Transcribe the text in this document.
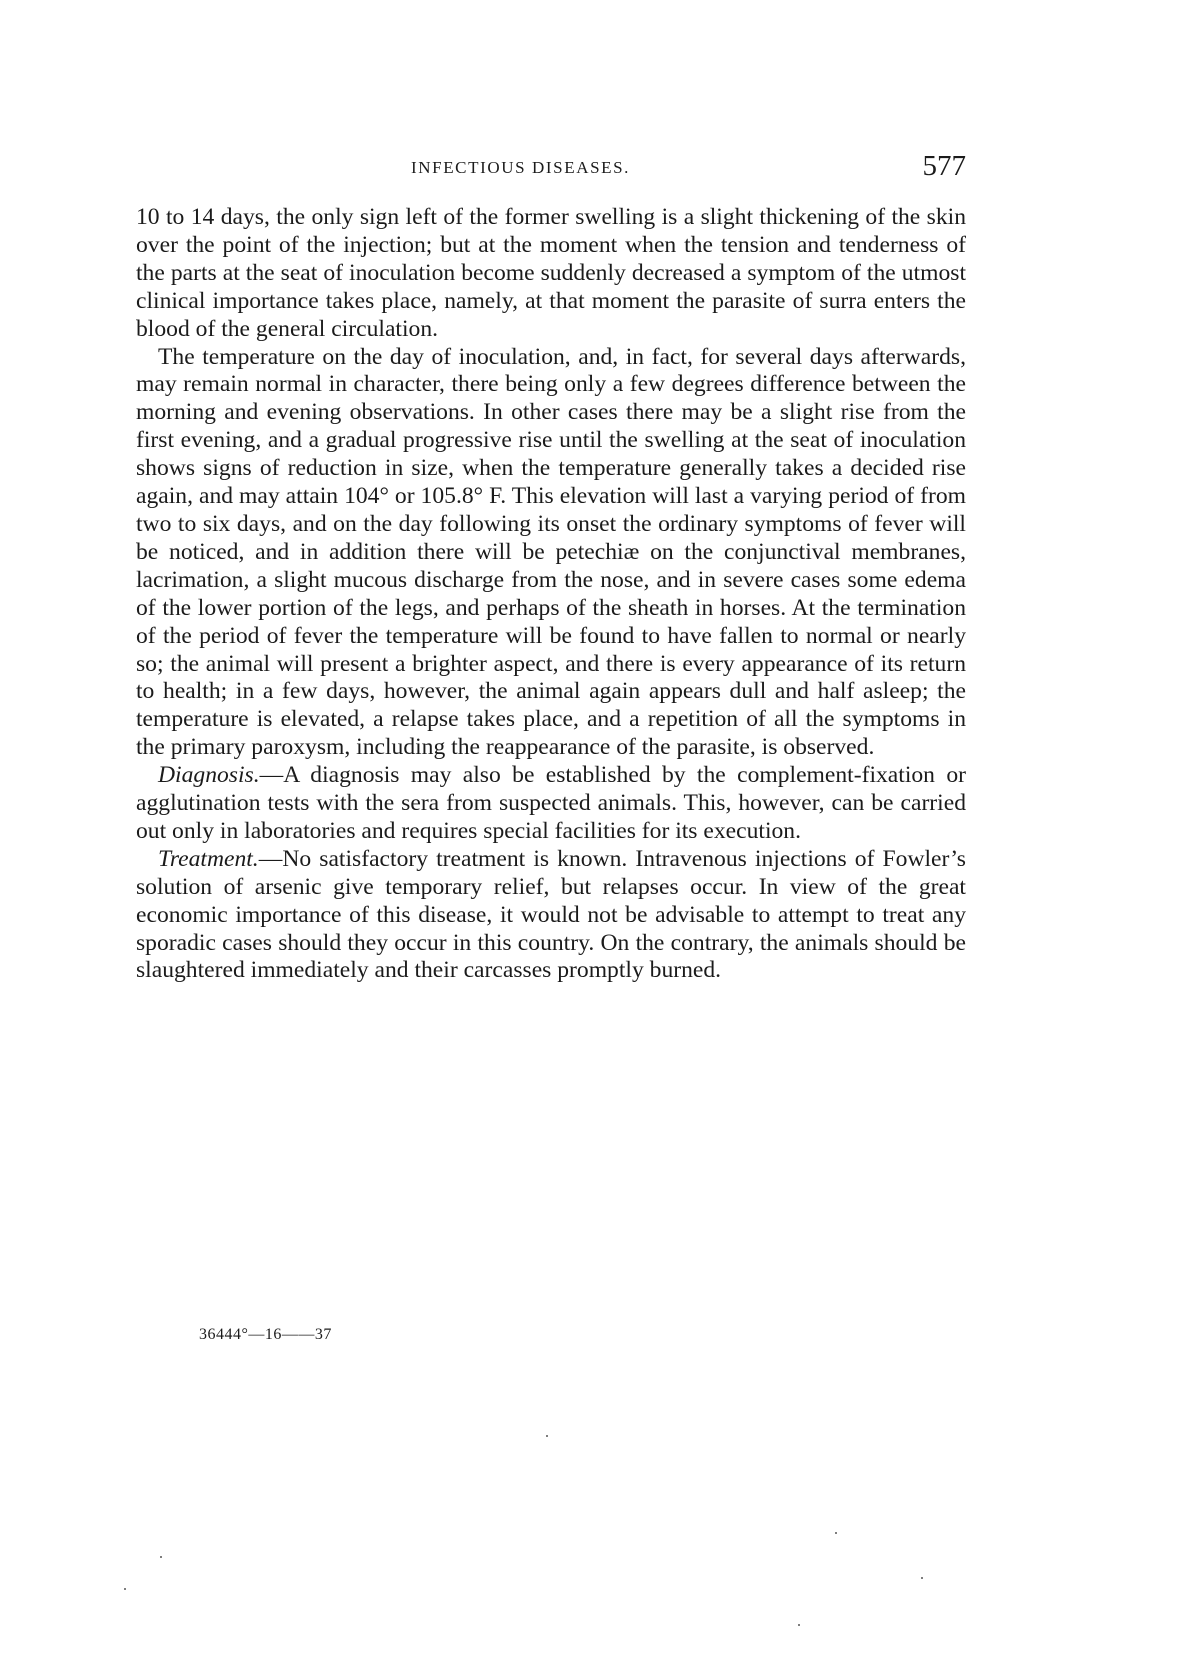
INFECTIOUS DISEASES.	577

10 to 14 days, the only sign left of the former swelling is a slight thickening of the skin over the point of the injection; but at the moment when the tension and tenderness of the parts at the seat of inoculation become suddenly decreased a symptom of the utmost clinical importance takes place, namely, at that moment the parasite of surra enters the blood of the general circulation.

The temperature on the day of inoculation, and, in fact, for several days afterwards, may remain normal in character, there being only a few degrees difference between the morning and evening observations. In other cases there may be a slight rise from the first evening, and a gradual progressive rise until the swelling at the seat of inoculation shows signs of reduction in size, when the temperature generally takes a decided rise again, and may attain 104° or 105.8° F. This elevation will last a varying period of from two to six days, and on the day following its onset the ordinary symptoms of fever will be noticed, and in addition there will be petechiæ on the conjunctival membranes, lacrimation, a slight mucous discharge from the nose, and in severe cases some edema of the lower portion of the legs, and perhaps of the sheath in horses. At the termination of the period of fever the temperature will be found to have fallen to normal or nearly so; the animal will present a brighter aspect, and there is every appearance of its return to health; in a few days, however, the animal again appears dull and half asleep; the temperature is elevated, a relapse takes place, and a repetition of all the symptoms in the primary paroxysm, including the reappearance of the parasite, is observed.

Diagnosis.—A diagnosis may also be established by the complement-fixation or agglutination tests with the sera from suspected animals. This, however, can be carried out only in laboratories and requires special facilities for its execution.

Treatment.—No satisfactory treatment is known. Intravenous injections of Fowler’s solution of arsenic give temporary relief, but relapses occur. In view of the great economic importance of this disease, it would not be advisable to attempt to treat any sporadic cases should they occur in this country. On the contrary, the animals should be slaughtered immediately and their carcasses promptly burned.

36444°—16——37
